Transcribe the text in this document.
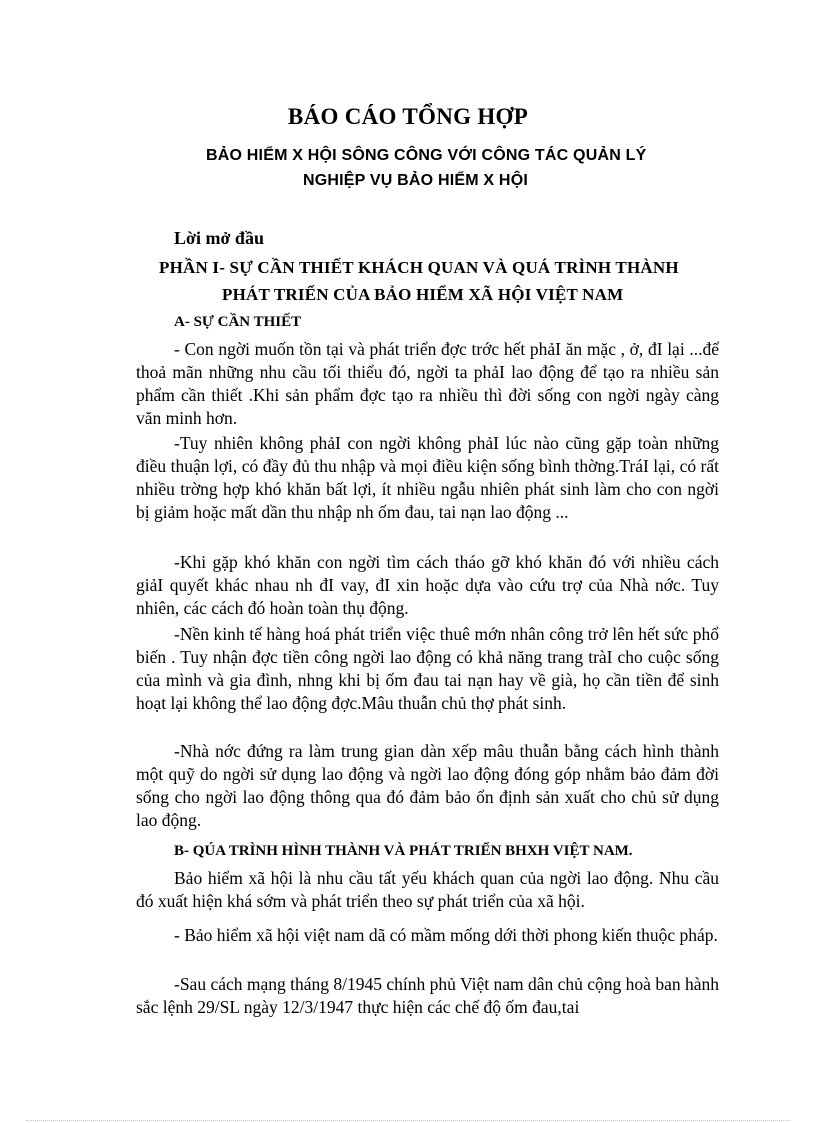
BÁO CÁO TỔNG HỢP
BẢO HIỂM X HỘI SÔNG CÔNG VỚI CÔNG TÁC QUẢN LÝ
NGHIỆP VỤ BẢO HIỂM X HỘI
Lời mở đầu
PHẦN I- SỰ CẦN THIẾT KHÁCH QUAN VÀ QUÁ TRÌNH THÀNH
PHÁT TRIỂN CỦA BẢO HIỂM XÃ HỘI VIỆT NAM
A- SỰ CẦN THIẾT

- Con ngời muốn tồn tại và phát triển đợc trớc hết phảI ăn mặc , ở, đI lại ...để thoả mãn những nhu cầu tối thiểu đó, ngời ta phảI lao động để tạo ra nhiều sản phẩm cần thiết .Khi sản phẩm đợc tạo ra nhiều thì đời sống con ngời ngày càng văn minh hơn.

-Tuy nhiên không phảI con ngời không phảI lúc nào cũng gặp toàn những điều thuận lợi, có đầy đủ thu nhập và mọi điều kiện sống bình thờng.TráI lại, có rất nhiều trờng hợp khó khăn bất lợi, ít nhiều ngẫu nhiên phát sinh làm cho con ngời bị giảm hoặc mất dần thu nhập nh ốm đau, tai nạn lao động ...

-Khi gặp khó khăn con ngời tìm cách tháo gỡ khó khăn đó với nhiều cách giảI quyết khác nhau nh đI vay, đI xin hoặc dựa vào cứu trợ của Nhà nớc. Tuy nhiên, các cách đó hoàn toàn thụ động.

-Nền kinh tế hàng hoá phát triển việc thuê mớn nhân công trở lên hết sức phổ biến . Tuy nhận đợc tiền công ngời lao động có khả năng trang tràI cho cuộc sống của mình và gia đình, nhng khi bị ốm đau tai nạn hay về già, họ cần tiền để sinh hoạt lại không thể lao động đợc.Mâu thuẫn chủ thợ phát sinh.

-Nhà nớc đứng ra làm trung gian dàn xếp mâu thuẫn bằng cách hình thành một quỹ do ngời sử dụng lao động và ngời lao động đóng góp nhằm bảo đảm đời sống cho ngời lao động thông qua đó đảm bảo ổn định sản xuất cho chủ sử dụng lao động.

B- QÚA TRÌNH HÌNH THÀNH VÀ PHÁT TRIỂN BHXH VIỆT NAM.

Bảo hiểm xã hội là nhu cầu tất yếu khách quan của ngời lao động. Nhu cầu đó xuất hiện khá sớm và phát triển theo sự phát triển của xã hội.

- Bảo hiểm xã hội việt nam dã có mầm mống dới thời phong kiến thuộc pháp.

-Sau cách mạng tháng 8/1945 chính phủ Việt nam dân chủ cộng hoà ban hành sắc lệnh 29/SL ngày 12/3/1947 thực hiện các chế độ ốm đau,tai
